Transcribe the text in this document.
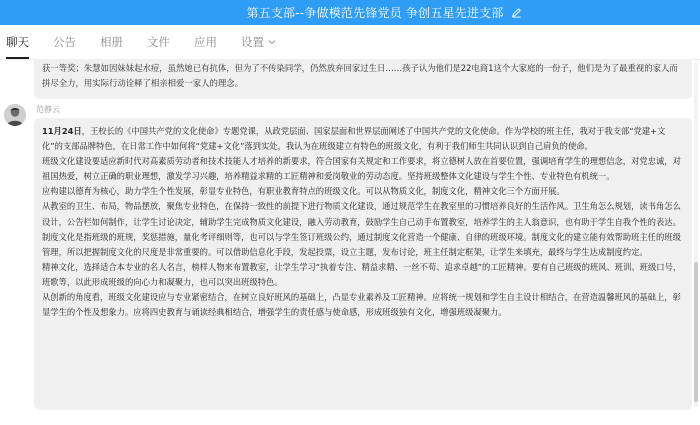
第五支部--争做模范先锋党员 争创五星先进支部
聊天 公告 相册 文件 应用 设置
获一等奖；朱慧如因妹妹起水痘，虽然她已有抗体，但为了不传染同学，仍然放弃回家过生日……孩子认为他们是22电商1这个大家庭的一份子，他们是为了最重视的家人而拼尽全力，用实际行动诠释了相亲相爱一家人的理念。
范静云

11月24日，王校长的《中国共产党的文化使命》专题党课，从政党层面、国家层面和世界层面阐述了中国共产党的文化使命。作为学校的班主任，我对于我支部“党建+文化”的支部品牌特色，在日常工作中如何将“党建+文化”落到实处，我认为在班级建立有特色的班级文化，有利于我们师生共同认识到自己肩负的使命。

班级文化建设要适应新时代对高素质劳动者和技术技能人才培养的新要求，符合国家有关规定和工作要求，将立德树人放在首要位置，强调培育学生的理想信念，对党忠诚，对祖国热爱，树立正确的职业理想，激发学习兴趣，培养精益求精的工匠精神和爱岗敬业的劳动态度。坚持班级整体文化建设与学生个性、专业特色有机统一。

应构建以德育为核心，助力学生个性发展，彰显专业特色，有职业教育特点的班级文化。可以从物质文化，制度文化，精神文化三个方面开展。

从教室的卫生、布局，物品摆放，聚焦专业特色，在保持一致性的前提下进行物质文化建设，通过规范学生在教室里的习惯培养良好的生活作风。卫生角怎么规划，读书角怎么设计，公告栏如何制作，让学生讨论决定，辅助学生完成物质文化建设，融入劳动教育，鼓励学生自己动手布置教室，培养学生的主人翁意识，也有助于学生自我个性的表达。

制度文化是指班级的班规，奖惩措施，量化考评细则等，也可以与学生签订班级公约，通过制度文化营造一个健康、自律的班级环境。制度文化的建立能有效帮助班主任的班级管理，所以把握制度文化的尺度是非常重要的。可以借助信息化手段，发起投票，设立主题，发布讨论，班主任制定框架，让学生来填充，最终与学生达成制度约定。

精神文化，选择适合本专业的名人名言，榜样人物来布置教室，让学生学习“执着专注、精益求精、一丝不苟、追求卓越”的工匠精神。要有自己班级的班风、班训、班级口号，班歌等，以此形成班级的向心力和凝聚力，也可以突出班级特色。

从创新的角度看，班级文化建设应与专业紧密结合，在树立良好班风的基础上，凸显专业素养及工匠精神。应将统一规划和学生自主设计相结合，在营造温馨班风的基础上，彰显学生的个性及想象力。应将四史教育与诵读经典相结合，增强学生的责任感与使命感，形成班级独有文化，增强班级凝聚力。
